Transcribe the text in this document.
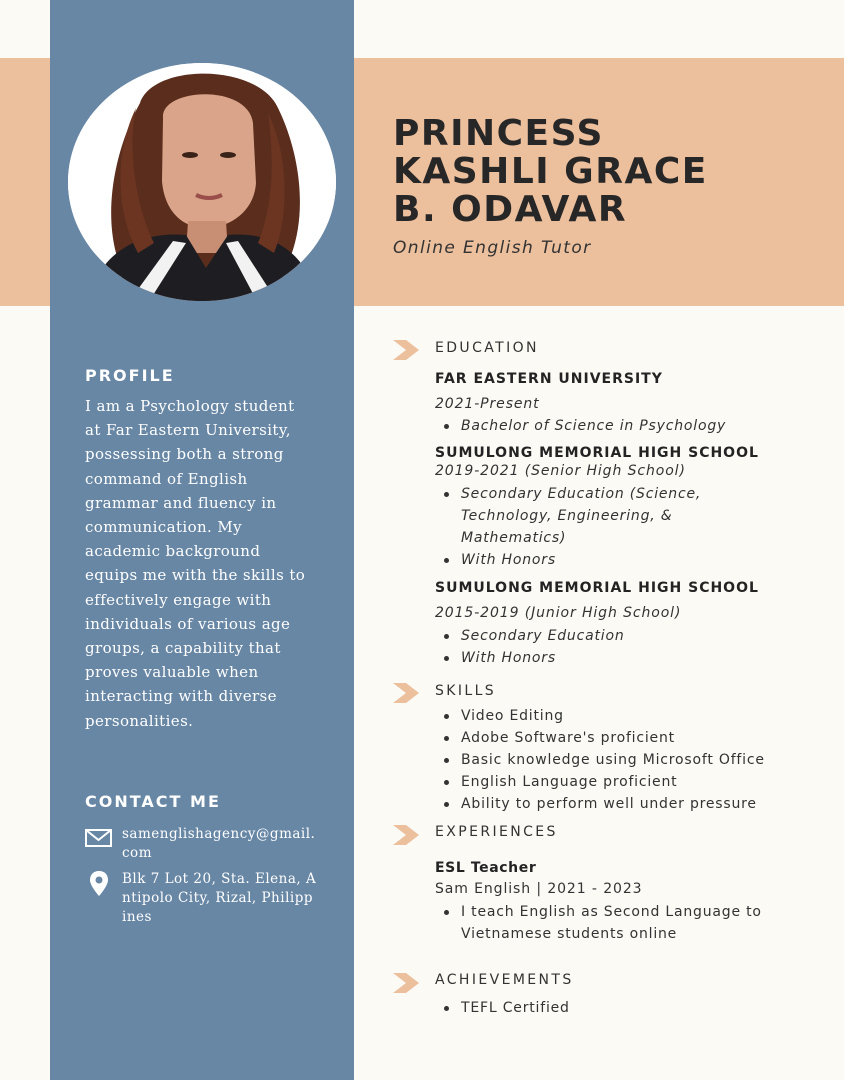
PRINCESS
KASHLI GRACE
B. ODAVAR
Online English Tutor
PROFILE

I am a Psychology student at Far Eastern University, possessing both a strong command of English grammar and fluency in communication. My academic background equips me with the skills to effectively engage with individuals of various age groups, a capability that proves valuable when interacting with diverse personalities.

CONTACT ME
samenglishagency@gmail.com
Blk 7 Lot 20, Sta. Elena, Antipolo City, Rizal, Philippines
EDUCATION
FAR EASTERN UNIVERSITY
2021-Present
Bachelor of Science in Psychology
SUMULONG MEMORIAL HIGH SCHOOL
2019-2021 (Senior High School)
Secondary Education (Science, Technology, Engineering, & Mathematics)
With Honors
SUMULONG MEMORIAL HIGH SCHOOL
2015-2019 (Junior High School)
Secondary Education
With Honors
SKILLS
Video Editing
Adobe Software's proficient
Basic knowledge using Microsoft Office
English Language proficient
Ability to perform well under pressure
EXPERIENCES
ESL Teacher
Sam English | 2021 - 2023
I teach English as Second Language to Vietnamese students online
ACHIEVEMENTS
TEFL Certified
